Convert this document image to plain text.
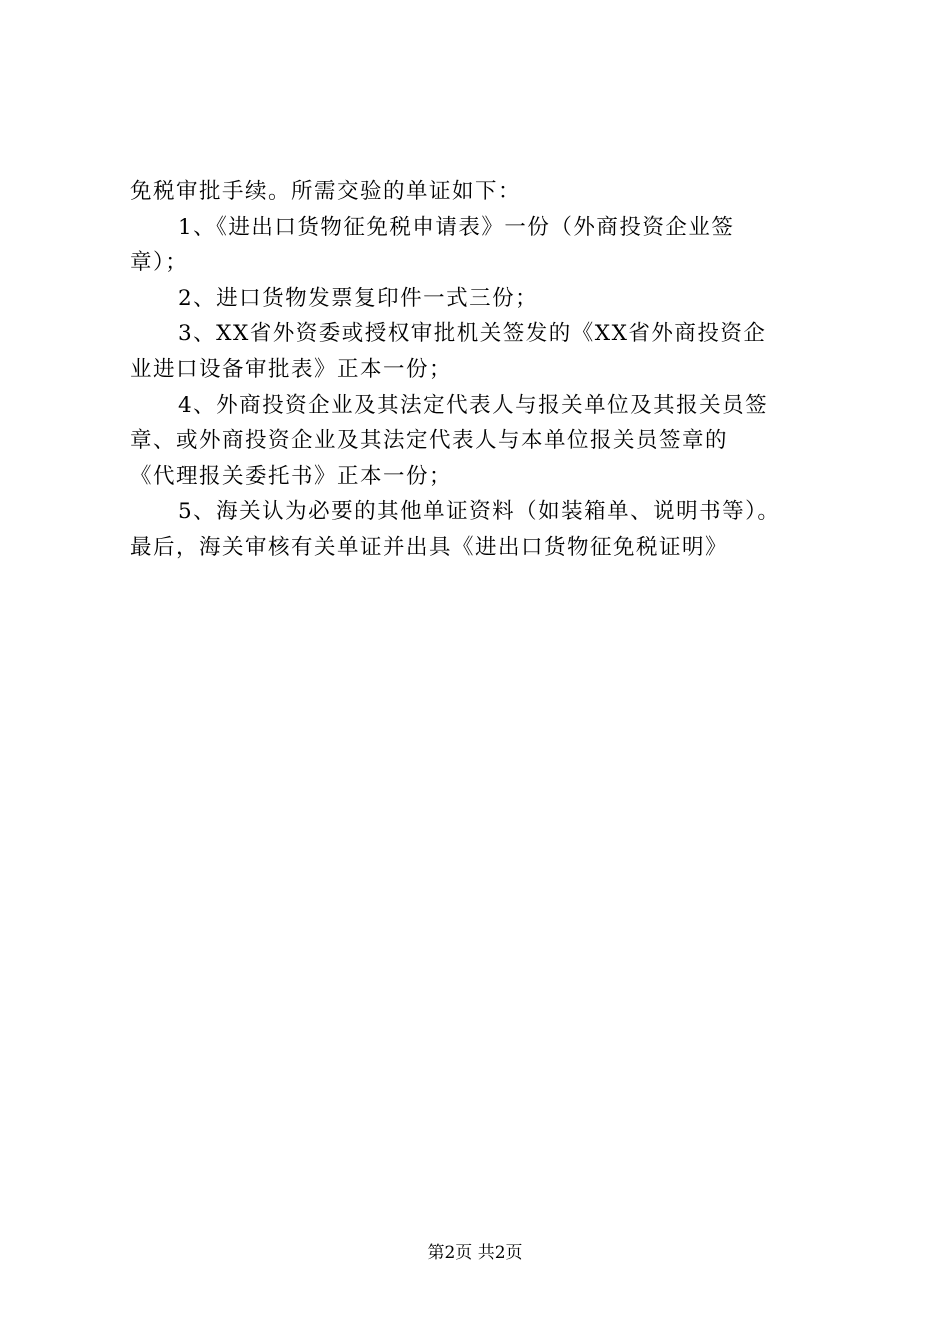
免税审批手续。所需交验的单证如下：
1、《进出口货物征免税申请表》一份（外商投资企业签
章）；
2、进口货物发票复印件一式三份；
3、XX省外资委或授权审批机关签发的《XX省外商投资企
业进口设备审批表》正本一份；
4、外商投资企业及其法定代表人与报关单位及其报关员签
章、或外商投资企业及其法定代表人与本单位报关员签章的
《代理报关委托书》正本一份；
5、海关认为必要的其他单证资料（如装箱单、说明书等）。
最后，海关审核有关单证并出具《进出口货物征免税证明》
第2页 共2页
